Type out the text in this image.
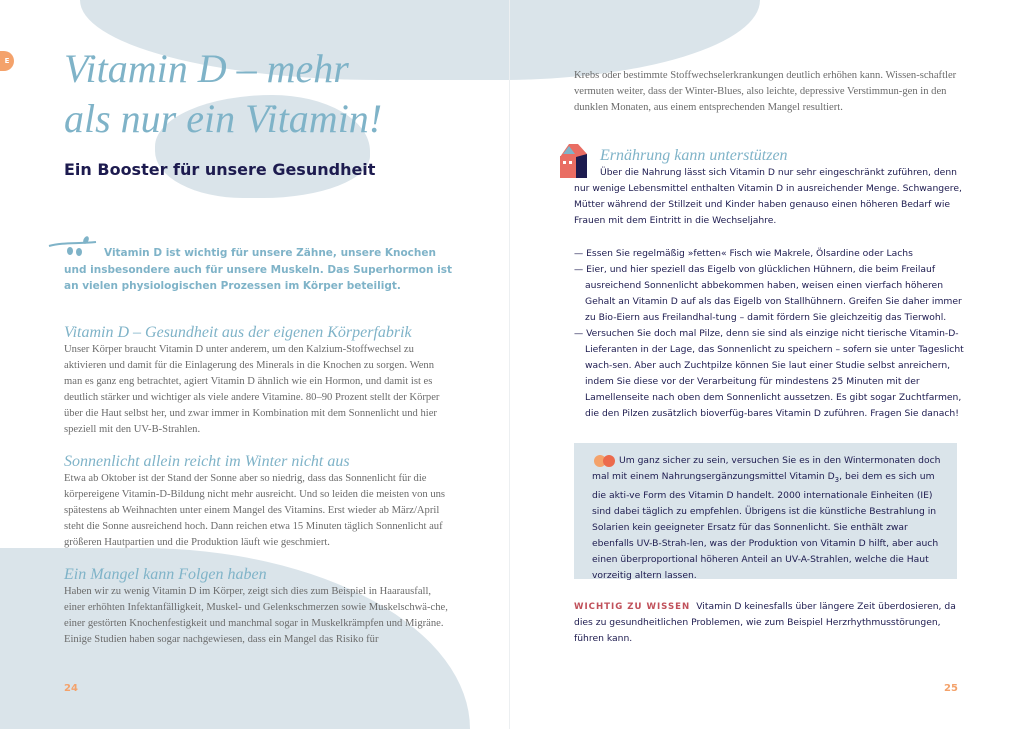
E Vitamin D – mehr
als nur ein Vitamin!
Ein Booster für unsere Gesundheit
Vitamin D ist wichtig für unsere Zähne, unsere Knochen und insbesondere auch für unsere Muskeln. Das Superhormon ist an vielen physiologischen Prozessen im Körper beteiligt.
Vitamin D – Gesundheit aus der eigenen Körperfabrik
Unser Körper braucht Vitamin D unter anderem, um den Kalzium-Stoffwechsel zu aktivieren und damit für die Einlagerung des Minerals in die Knochen zu sorgen. Wenn man es ganz eng betrachtet, agiert Vitamin D ähnlich wie ein Hormon, und damit ist es deutlich stärker und wichtiger als viele andere Vitamine. 80–90 Prozent stellt der Körper über die Haut selbst her, und zwar immer in Kombination mit dem Sonnenlicht und hier speziell mit den UV-B-Strahlen.
Sonnenlicht allein reicht im Winter nicht aus
Etwa ab Oktober ist der Stand der Sonne aber so niedrig, dass das Sonnenlicht für die körpereigene Vitamin-D-Bildung nicht mehr ausreicht. Und so leiden die meisten von uns spätestens ab Weihnachten unter einem Mangel des Vitamins. Erst wieder ab März/April steht die Sonne ausreichend hoch. Dann reichen etwa 15 Minuten täglich Sonnenlicht auf größeren Hautpartien und die Produktion läuft wie geschmiert.
Ein Mangel kann Folgen haben
Haben wir zu wenig Vitamin D im Körper, zeigt sich dies zum Beispiel in Haarausfall, einer erhöhten Infektanfälligkeit, Muskel- und Gelenkschmerzen sowie Muskelschwä-che, einer gestörten Knochenfestigkeit und manchmal sogar in Muskelkrämpfen und Migräne. Einige Studien haben sogar nachgewiesen, dass ein Mangel das Risiko für
24
Krebs oder bestimmte Stoffwechselerkrankungen deutlich erhöhen kann. Wissen-schaftler vermuten weiter, dass der Winter-Blues, also leichte, depressive Verstimmun-gen in den dunklen Monaten, aus einem entsprechenden Mangel resultiert.
Ernährung kann unterstützen
Über die Nahrung lässt sich Vitamin D nur sehr eingeschränkt zuführen, denn nur wenige Lebensmittel enthalten Vitamin D in ausreichender Menge. Schwangere, Mütter während der Stillzeit und Kinder haben genauso einen höheren Bedarf wie Frauen mit dem Eintritt in die Wechseljahre.
— Essen Sie regelmäßig »fetten« Fisch wie Makrele, Ölsardine oder Lachs
— Eier, und hier speziell das Eigelb von glücklichen Hühnern, die beim Freilauf ausreichend Sonnenlicht abbekommen haben, weisen einen vierfach höheren Gehalt an Vitamin D auf als das Eigelb von Stallhühnern. Greifen Sie daher immer zu Bio-Eiern aus Freilandhal-tung – damit fördern Sie gleichzeitig das Tierwohl.
— Versuchen Sie doch mal Pilze, denn sie sind als einzige nicht tierische Vitamin-D-Lieferanten in der Lage, das Sonnenlicht zu speichern – sofern sie unter Tageslicht wach-sen. Aber auch Zuchtpilze können Sie laut einer Studie selbst anreichern, indem Sie diese vor der Verarbeitung für mindestens 25 Minuten mit der Lamellenseite nach oben dem Sonnenlicht aussetzen. Es gibt sogar Zuchtfarmen, die den Pilzen zusätzlich bioverfüg-bares Vitamin D zuführen. Fragen Sie danach!
Um ganz sicher zu sein, versuchen Sie es in den Wintermonaten doch mal mit einem Nahrungsergänzungsmittel Vitamin $D_3$, bei dem es sich um die akti-ve Form des Vitamin D handelt. 2000 internationale Einheiten (IE) sind dabei täglich zu empfehlen. Übrigens ist die künstliche Bestrahlung in Solarien kein geeigneter Ersatz für das Sonnenlicht. Sie enthält zwar ebenfalls UV-B-Strah-len, was der Produktion von Vitamin D hilft, aber auch einen überproportional höheren Anteil an UV-A-Strahlen, welche die Haut vorzeitig altern lassen.
WICHTIG ZU WISSEN Vitamin D keinesfalls über längere Zeit überdosieren, da dies zu gesundheitlichen Problemen, wie zum Beispiel Herzrhythmusstörungen, führen kann.
25
